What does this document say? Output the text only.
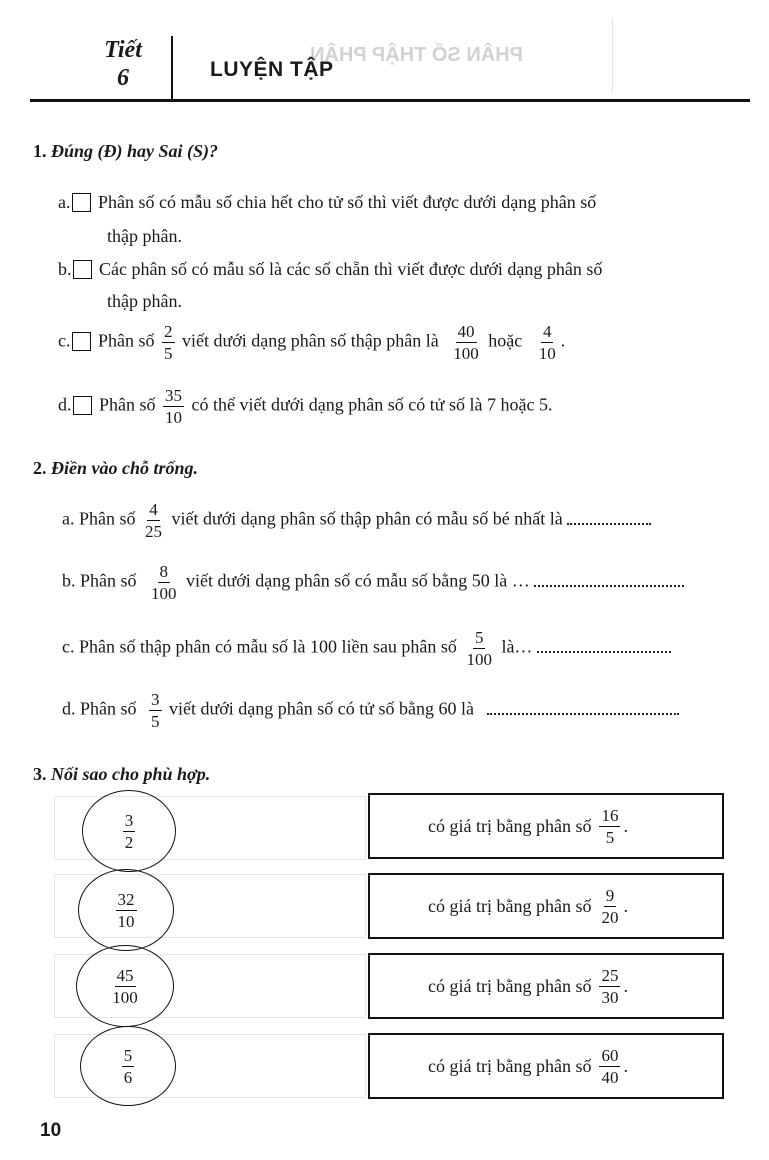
PHÂN SỐ THẬP PHÂN
Tiết
6	LUYỆN TẬP
1. Đúng (Đ) hay Sai (S)?
a. Phân số có mẫu số chia hết cho tử số thì viết được dưới dạng phân số
thập phân.
b. Các phân số có mẫu số là các số chẵn thì viết được dưới dạng phân số
thập phân.
c. Phân số $\frac{2}{5}$ viết dưới dạng phân số thập phân là $\frac{40}{100}$ hoặc $\frac{4}{10}$ .
d. Phân số $\frac{35}{10}$ có thể viết dưới dạng phân số có tử số là 7 hoặc 5.
2. Điền vào chỗ trống.
a. Phân số $\frac{4}{25}$ viết dưới dạng phân số thập phân có mẫu số bé nhất là
b. Phân số $\frac{8}{100}$ viết dưới dạng phân số có mẫu số bằng 50 là …
c. Phân số thập phân có mẫu số là 100 liền sau phân số $\frac{5}{100}$ là…
d. Phân số $\frac{3}{5}$ viết dưới dạng phân số có tử số bằng 60 là
3. Nối sao cho phù hợp.
$\frac{3}{2}$
$\frac{32}{10}$
$\frac{45}{100}$
$\frac{5}{6}$
có giá trị bằng phân số $\frac{16}{5}$ .
có giá trị bằng phân số $\frac{9}{20}$ .
có giá trị bằng phân số $\frac{25}{30}$ .
có giá trị bằng phân số $\frac{60}{40}$ .
10
